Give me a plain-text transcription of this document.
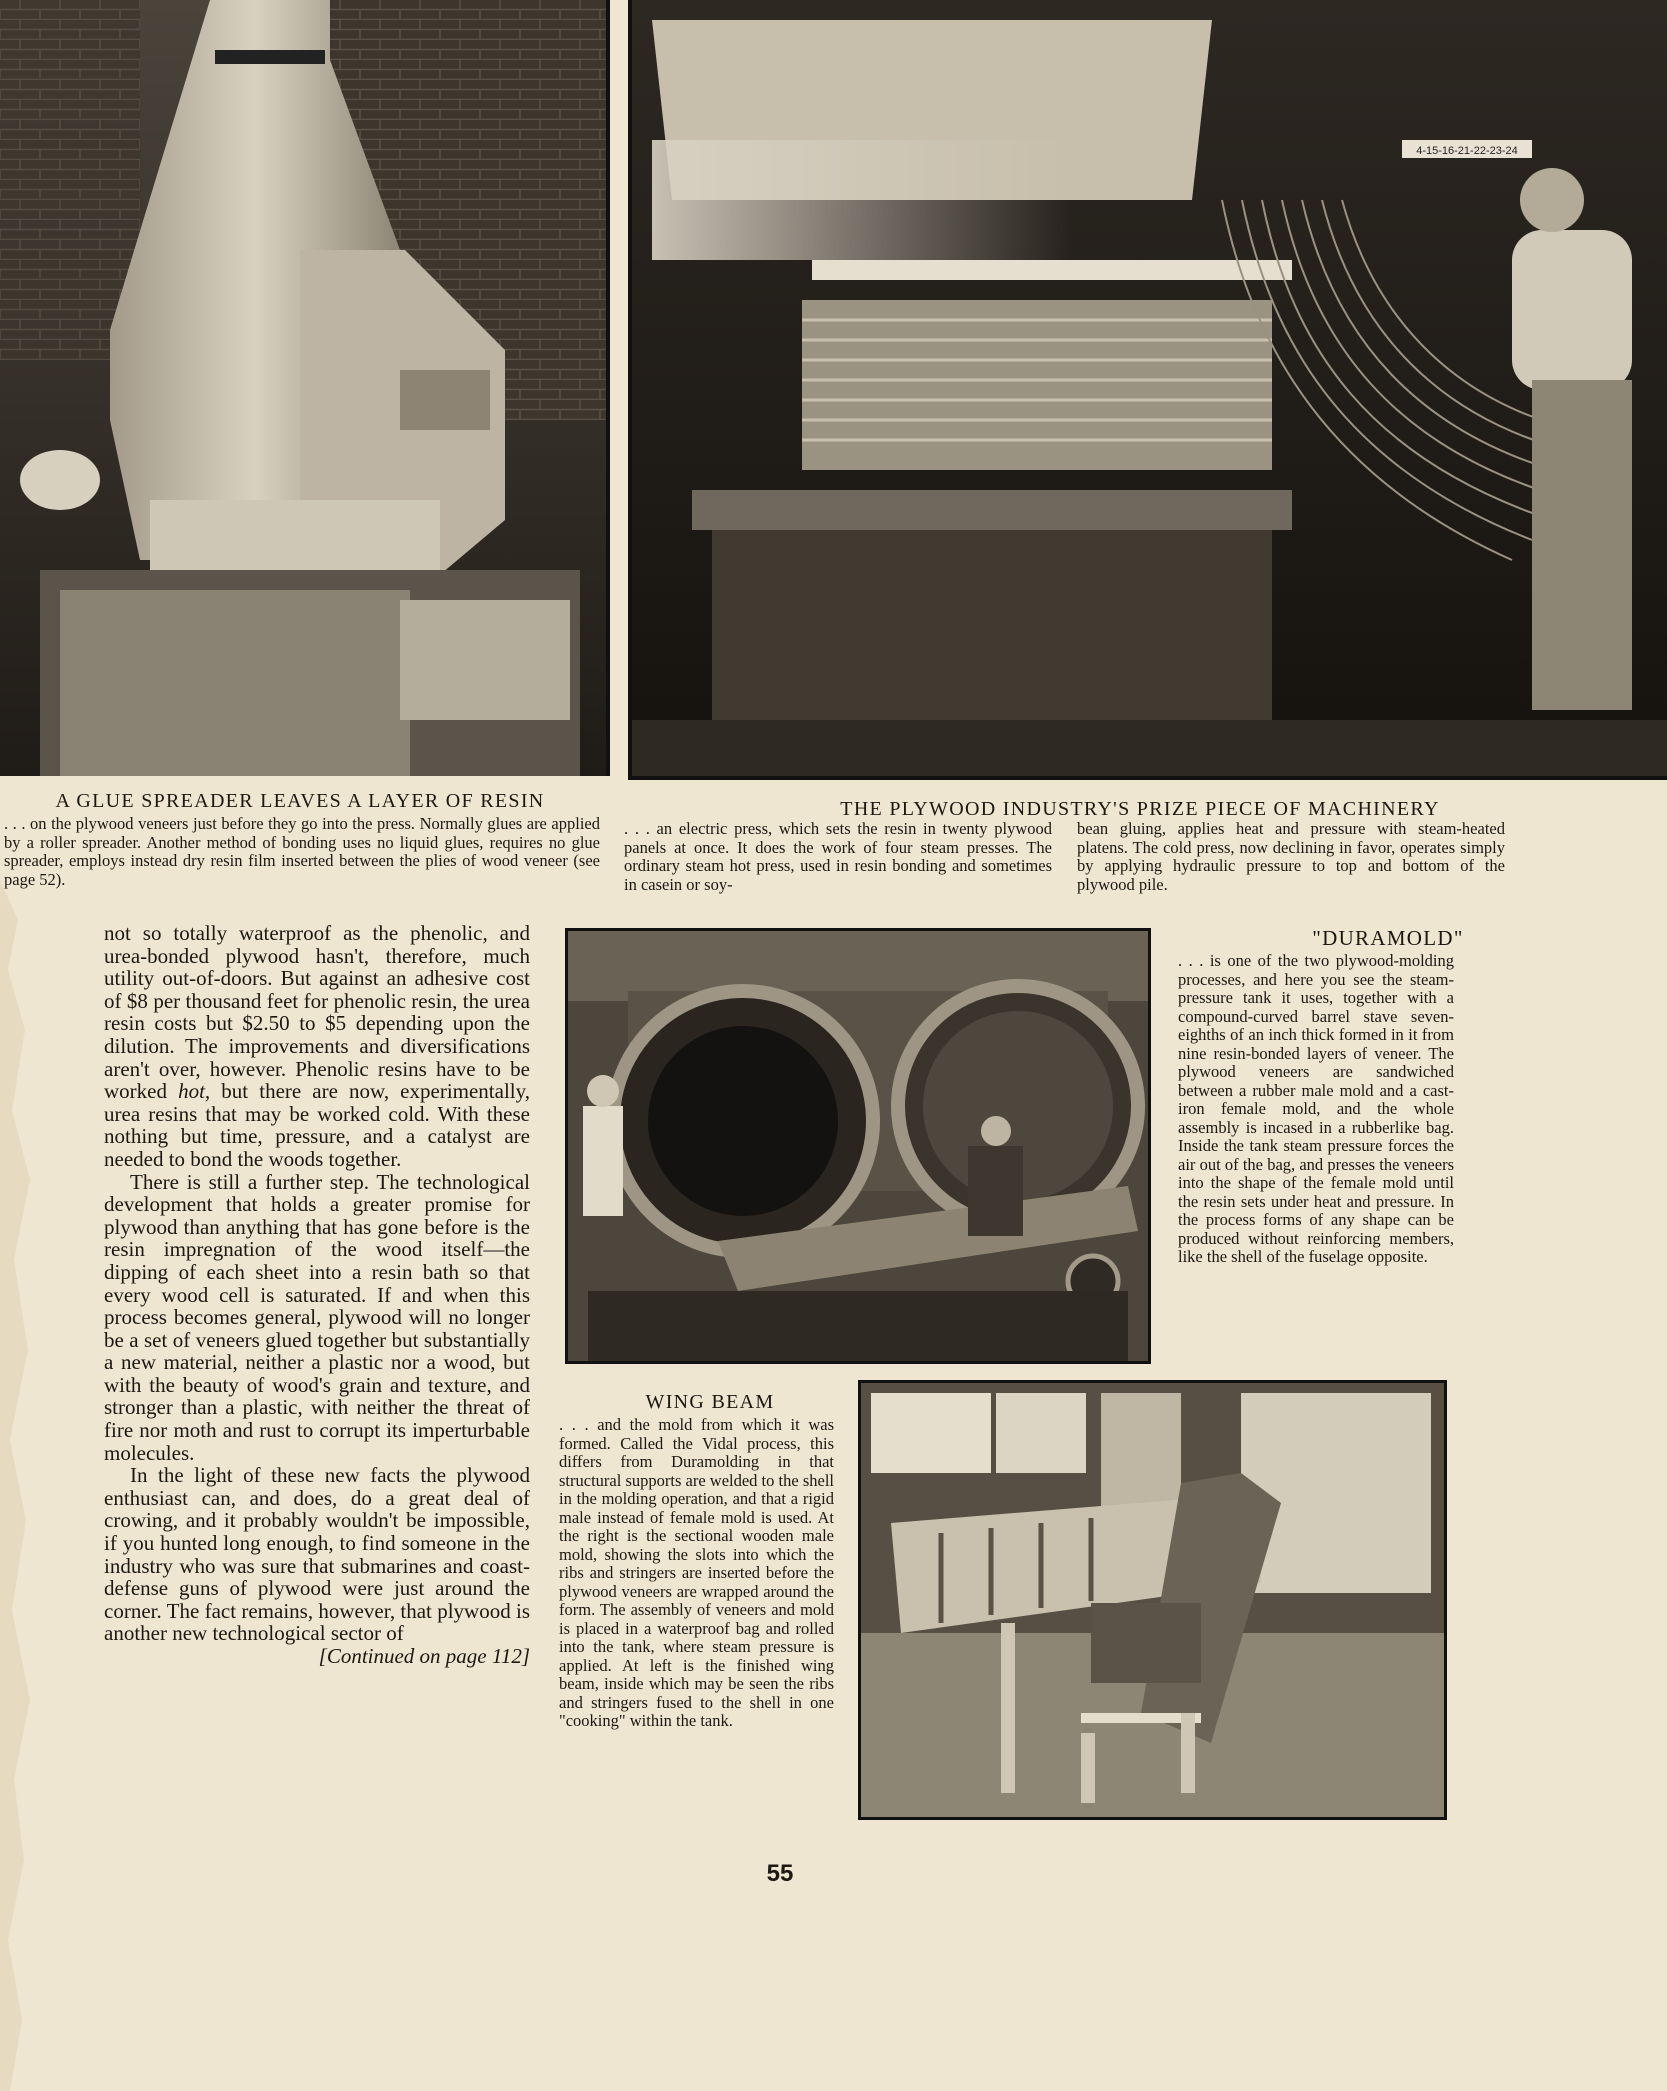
4-15-16-21-22-23-24
A GLUE SPREADER LEAVES A LAYER OF RESIN

. . . on the plywood veneers just before they go into the press. Normally glues are applied by a roller spreader. Another method of bonding uses no liquid glues, requires no glue spreader, employs instead dry resin film inserted between the plies of wood veneer (see page 52).

THE PLYWOOD INDUSTRY'S PRIZE PIECE OF MACHINERY

. . . an electric press, which sets the resin in twenty plywood panels at once. It does the work of four steam presses. The ordinary steam hot press, used in resin bonding and sometimes in casein or soy-

bean gluing, applies heat and pressure with steam-heated platens. The cold press, now declining in favor, operates simply by applying hydraulic pressure to top and bottom of the plywood pile.

not so totally waterproof as the phenolic, and urea-bonded plywood hasn't, therefore, much utility out-of-doors. But against an adhesive cost of $8 per thousand feet for phenolic resin, the urea resin costs but $2.50 to $5 depending upon the dilution. The improvements and diversifications aren't over, however. Phenolic resins have to be worked hot, but there are now, experimentally, urea resins that may be worked cold. With these nothing but time, pressure, and a catalyst are needed to bond the woods together.

There is still a further step. The technological development that holds a greater promise for plywood than anything that has gone before is the resin impregnation of the wood itself—the dipping of each sheet into a resin bath so that every wood cell is saturated. If and when this process becomes general, plywood will no longer be a set of veneers glued together but substantially a new material, neither a plastic nor a wood, but with the beauty of wood's grain and texture, and stronger than a plastic, with neither the threat of fire nor moth and rust to corrupt its imperturbable molecules.

In the light of these new facts the plywood enthusiast can, and does, do a great deal of crowing, and it probably wouldn't be impossible, if you hunted long enough, to find someone in the industry who was sure that submarines and coast-defense guns of plywood were just around the corner. The fact remains, however, that plywood is another new technological sector of

[Continued on page 112]

"DURAMOLD"

. . . is one of the two plywood-molding processes, and here you see the steam-pressure tank it uses, together with a compound-curved barrel stave seven-eighths of an inch thick formed in it from nine resin-bonded layers of veneer. The plywood veneers are sandwiched between a rubber male mold and a cast-iron female mold, and the whole assembly is incased in a rubberlike bag. Inside the tank steam pressure forces the air out of the bag, and presses the veneers into the shape of the female mold until the resin sets under heat and pressure. In the process forms of any shape can be produced without reinforcing members, like the shell of the fuselage opposite.

WING BEAM

. . . and the mold from which it was formed. Called the Vidal process, this differs from Duramolding in that structural supports are welded to the shell in the molding operation, and that a rigid male instead of female mold is used. At the right is the sectional wooden male mold, showing the slots into which the ribs and stringers are inserted before the plywood veneers are wrapped around the form. The assembly of veneers and mold is placed in a waterproof bag and rolled into the tank, where steam pressure is applied. At left is the finished wing beam, inside which may be seen the ribs and stringers fused to the shell in one "cooking" within the tank.

55
